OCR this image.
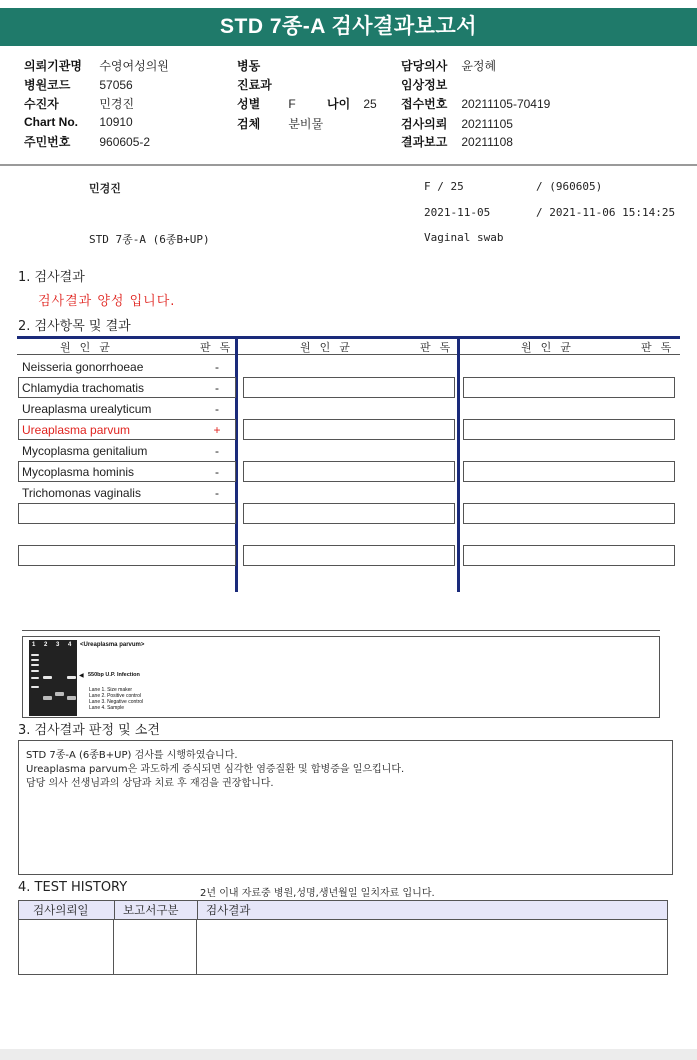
STD 7종-A 검사결과보고서
의뢰기관명 수영여성의원
병원코드 57056
수진자	민경진
Chart No. 10910
주민번호 960605-2
병동
진료과
성별 F	나이 25
검체 분비물
담당의사 윤정혜
임상정보
접수번호 20211105-70419
검사의뢰 20211105
결과보고 20211108
민경진	F / 25	/ (960605)
2021-11-05	/ 2021-11-06 15:14:25
STD 7종-A (6종B+UP)	Vaginal swab
1. 검사결과
검사결과 양성 입니다.
2. 검사항목 및 결과
원인균	판독	원인균	판독	원인균	판독
Neisseria gonorrhoeae	-
Chlamydia trachomatis	-
Ureaplasma urealyticum	-
Ureaplasma parvum	+
Mycoplasma genitalium	-
Mycoplasma hominis	-
Trichomonas vaginalis	-
1 2 3 4 <Ureaplasma parvum>
◀ 550bp U.P. Infection
Lane 1. Size maker
Lane 2. Positive control
Lane 3. Negative control
Lane 4. Sample
3. 검사결과 판정 및 소견
STD 7종-A (6종B+UP) 검사를 시행하였습니다.
Ureaplasma parvum은 과도하게 증식되면 심각한 염증질환 및 합병증을 일으킵니다.
담당 의사 선생님과의 상담과 치료 후 재검을 권장합니다.
4. TEST HISTORY	2년 이내 자료중 병원,성명,생년월일 일치자료 입니다.
검사의뢰일	보고서구분	검사결과
